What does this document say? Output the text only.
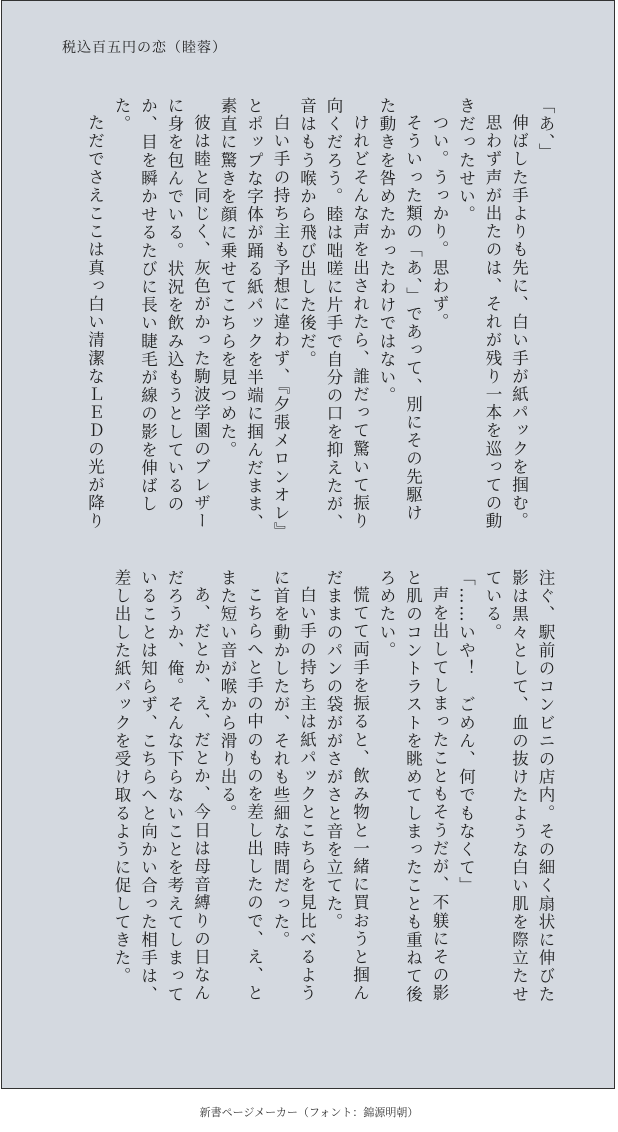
税込百五円の恋（睦蓉）

「あ、」

伸ばした手よりも先に、白い手が紙パックを掴む。

思わず声が出たのは、それが残り一本を巡っての動きだったせい。

つい。うっかり。思わず。

そういった類の「あ、」であって、別にその先駆けた動きを咎めたかったわけではない。

けれどそんな声を出されたら、誰だって驚いて振り向くだろう。睦は咄嗟に片手で自分の口を抑えたが、音はもう喉から飛び出した後だ。

白い手の持ち主も予想に違わず、『夕張メロンオレ』とポップな字体が踊る紙パックを半端に掴んだまま、素直に驚きを顔に乗せてこちらを見つめた。

彼は睦と同じく、灰色がかった駒波学園のブレザーに身を包んでいる。状況を飲み込もうとしているのか、目を瞬かせるたびに長い睫毛が線の影を伸ばした。

ただでさえここは真っ白い清潔なＬＥＤの光が降り

注ぐ、駅前のコンビニの店内。その細く扇状に伸びた影は黒々として、血の抜けたような白い肌を際立たせている。

「……いや！　ごめん、何でもなくて」

声を出してしまったこともそうだが、不躾にその影と肌のコントラストを眺めてしまったことも重ねて後ろめたい。

慌てて両手を振ると、飲み物と一緒に買おうと掴んだままのパンの袋ががさがさと音を立てた。

白い手の持ち主は紙パックとこちらを見比べるように首を動かしたが、それも些細な時間だった。

こちらへと手の中のものを差し出したので、え、とまた短い音が喉から滑り出る。

あ、だとか、え、だとか、今日は母音縛りの日なんだろうか、俺。そんな下らないことを考えてしまっていることは知らず、こちらへと向かい合った相手は、差し出した紙パックを受け取るように促してきた。

新書ページメーカー（フォント：錦源明朝）
